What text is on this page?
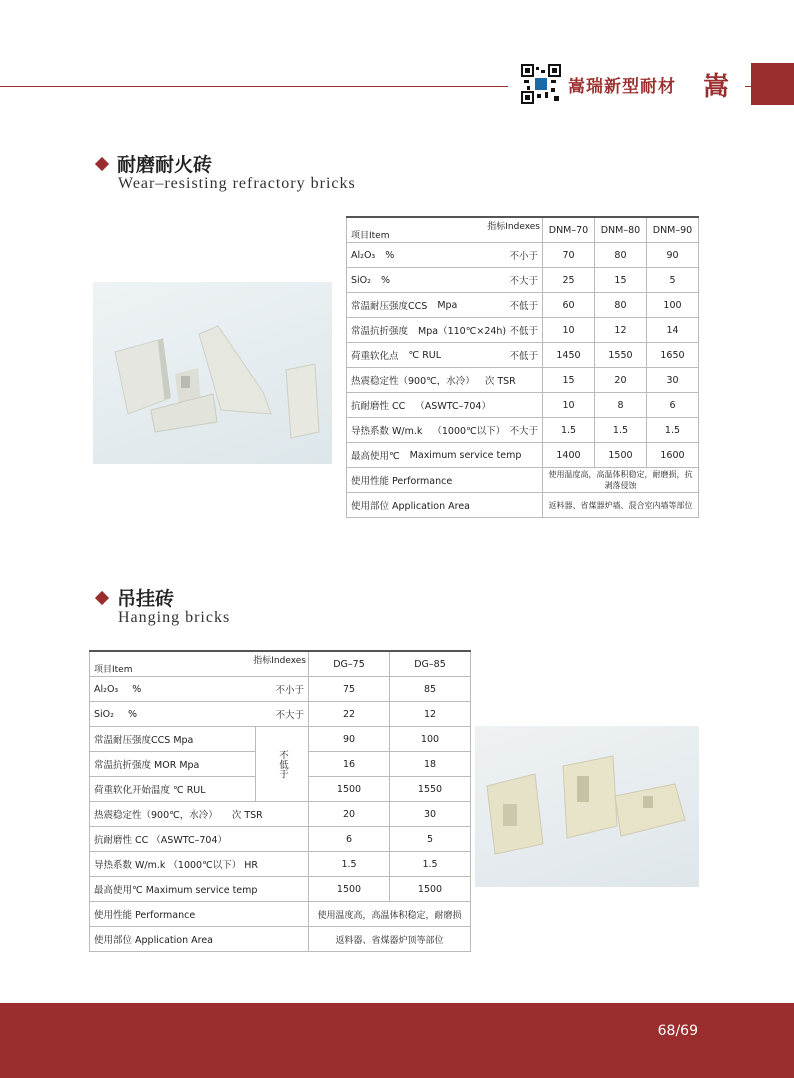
嵩瑞新型耐材 嵩
耐磨耐火砖
Wear–resisting refractory bricks
指标Indexes
项目Item	DNM–70	DNM–80	DNM–90

Al₂O₃ % 不小于	70	80	90

SiO₂ % 不大于	25	15	5

常温耐压强度CCS Mpa 不低于	60	80	100

常温抗折强度 Mpa（110℃×24h) 不低于	10	12	14

荷重软化点 ℃ RUL 不低于	1450	1550	1650

热震稳定性（900℃，水冷） 次 TSR	15	20	30

抗耐磨性 CC （ASWTC–704）	10	8	6

导热系数 W/m.k （1000℃以下） 不大于	1.5	1.5	1.5

最高使用℃ Maximum service temp	1400	1500	1600
使用性能 Performance	使用温度高，高温体积稳定，耐磨损，抗剥落侵蚀		
使用部位 Application Area	返料器、省煤器炉墙、混合室内墙等部位		
吊挂砖
Hanging bricks
指标Indexes
项目Item		DG–75	DG–85

Al₂O₃ % 不小于		75	85

SiO₂ % 不大于		22	12

常温耐压强度CCS Mpa	不低于	90	100

常温抗折强度 MOR Mpa		16	18

荷重软化开始温度 ℃ RUL		1500	1550

热震稳定性（900℃，水冷） 次 TSR		20	30

抗耐磨性 CC （ASWTC–704）		6	5

导热系数 W/m.k （1000℃以下） HR		1.5	1.5

最高使用℃ Maximum service temp		1500	1500
使用性能 Performance		使用温度高，高温体积稳定，耐磨损	
使用部位 Application Area		返料器、省煤器炉顶等部位	
68/69
